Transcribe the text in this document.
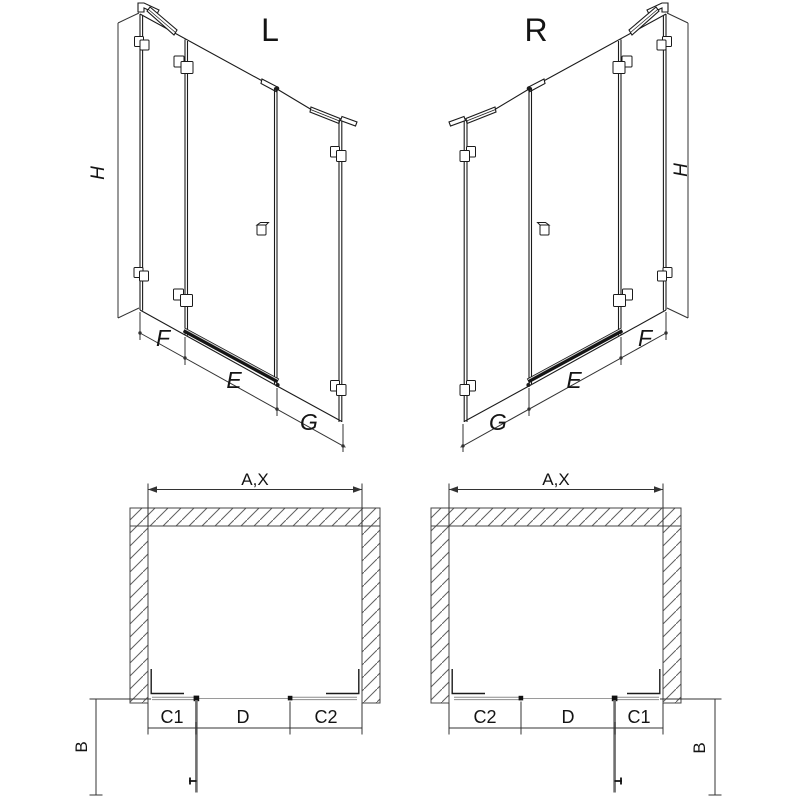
L	R
H	H
F
E
G	G
E
F
A,X	A,X
C1	D	C2	C2	D	C1
B	B
